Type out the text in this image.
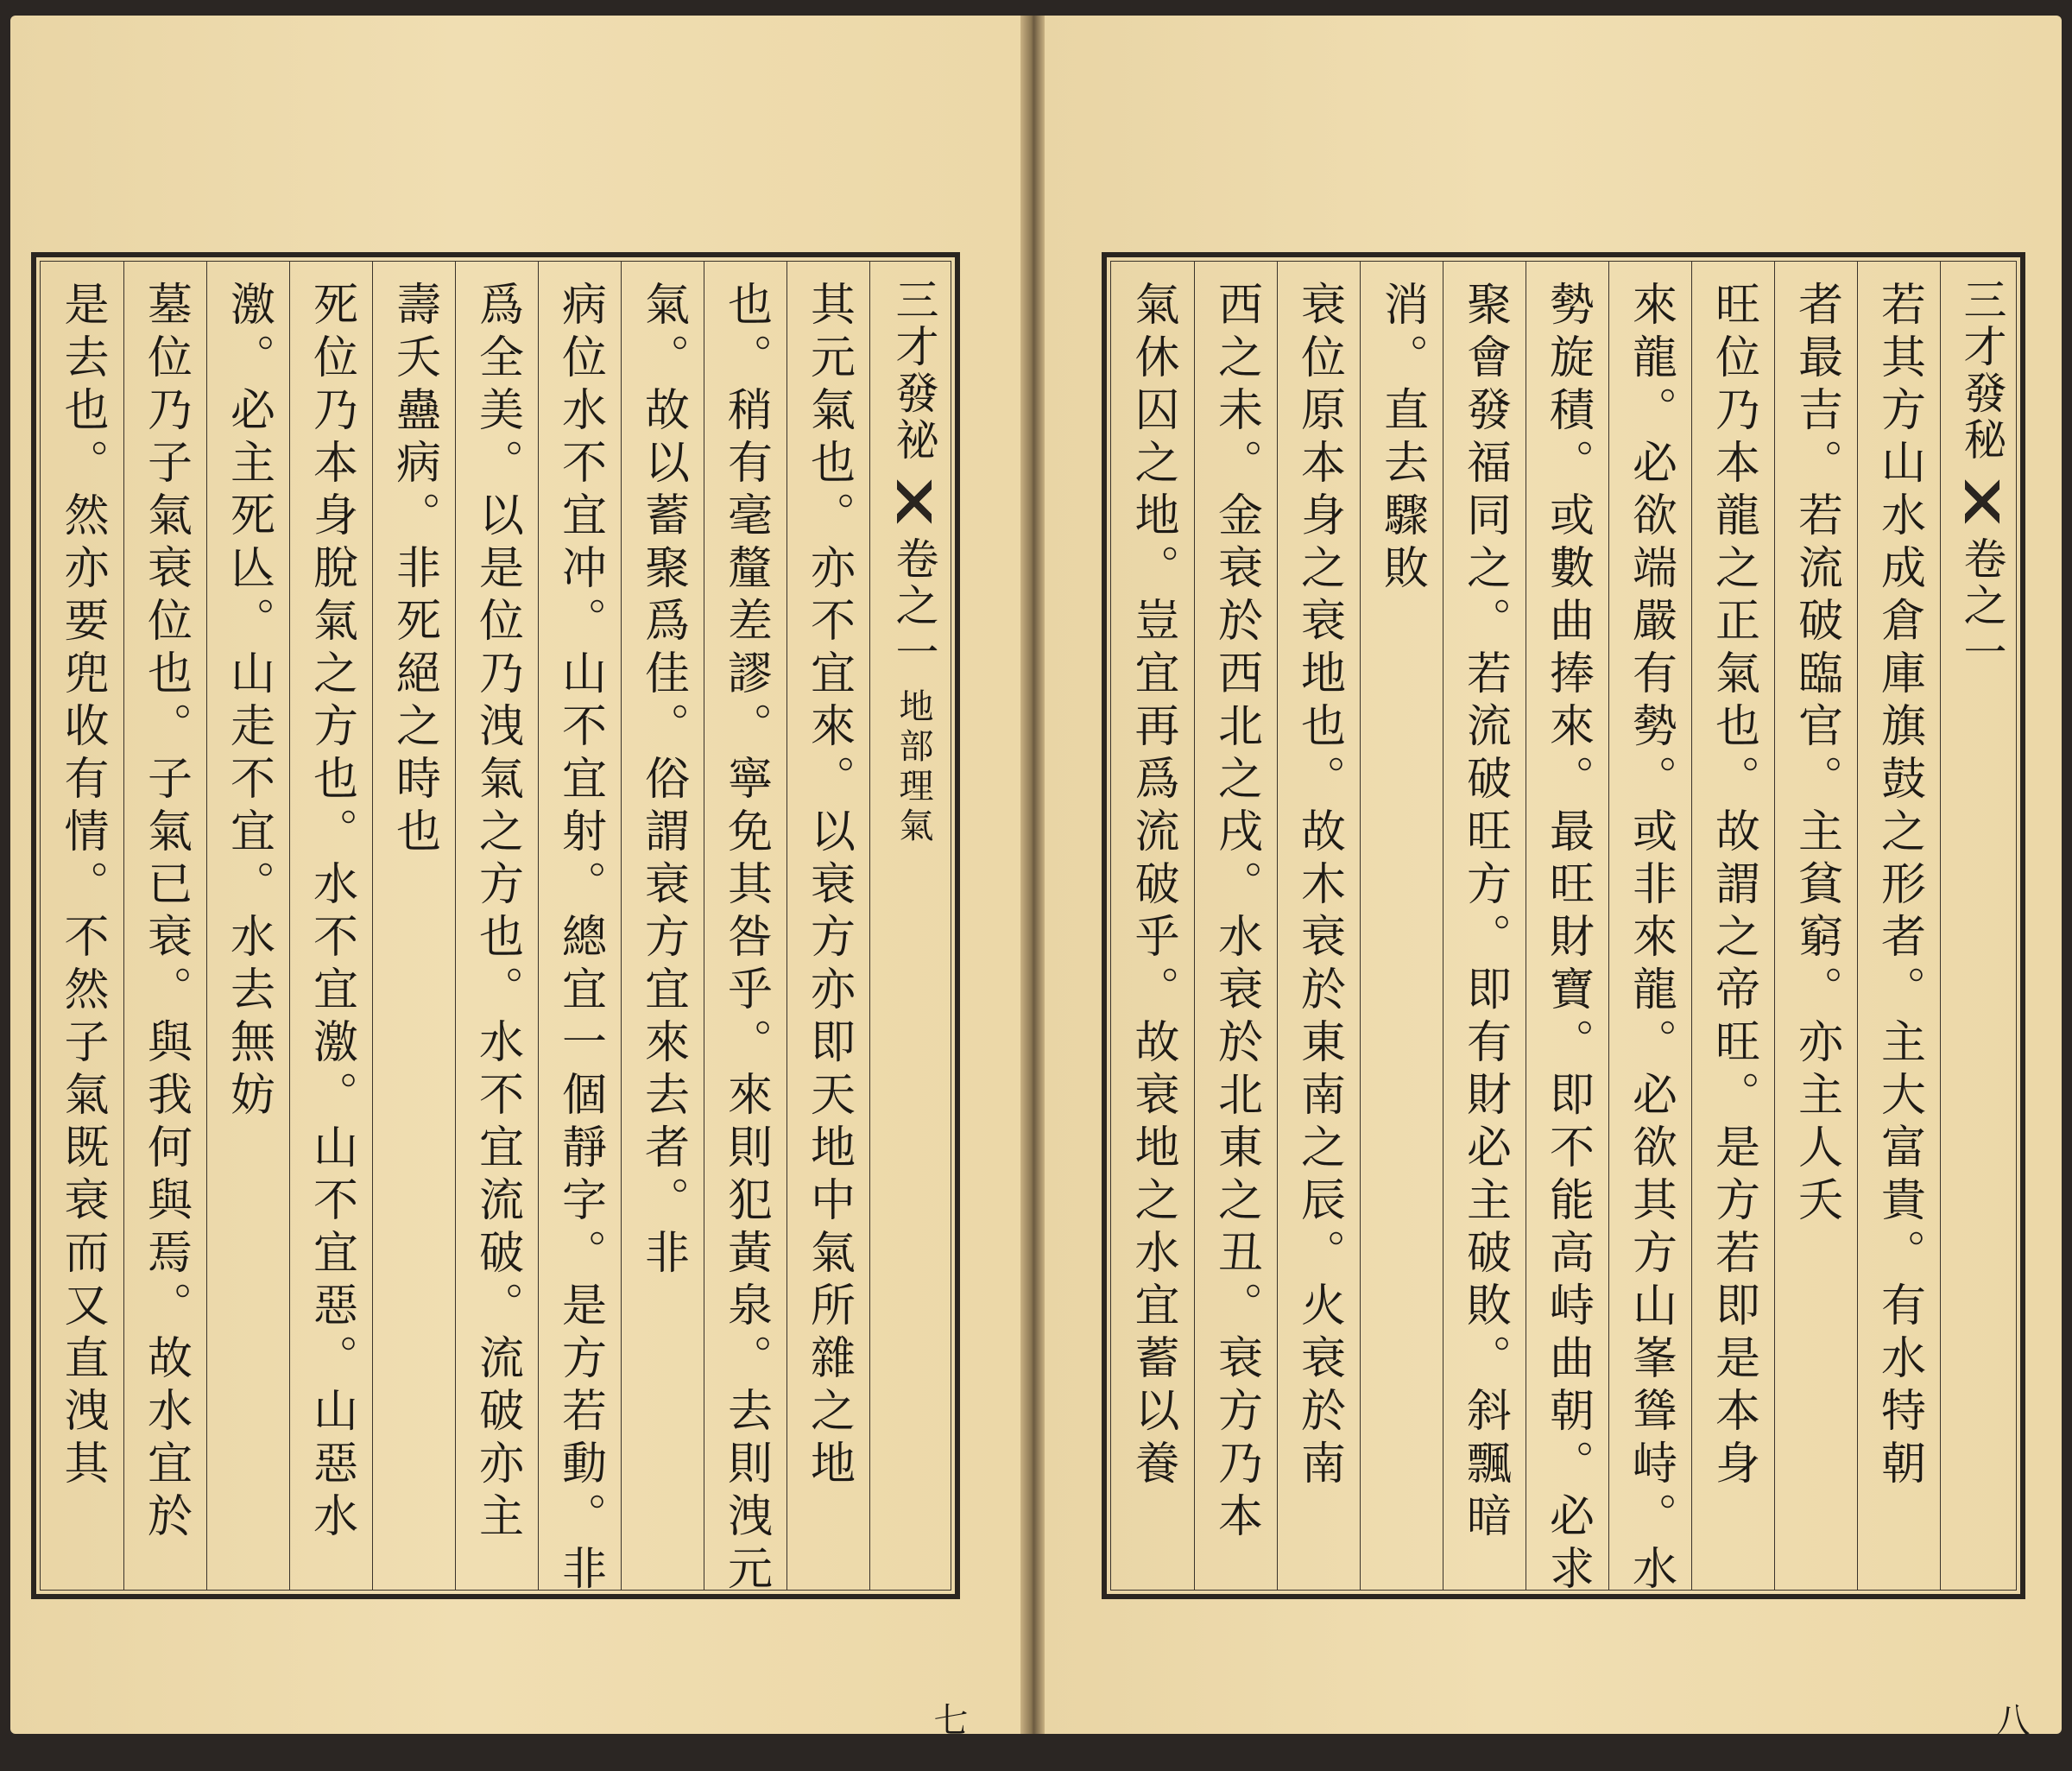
是去也。然亦要兜收有情。不然子氣既衰而又直洩其 墓位乃子氣衰位也。子氣已衰。與我何與焉。故水宜於 激。必主死亾。山走不宜。水去無妨 死位乃本身脫氣之方也。水不宜激。山不宜惡。山惡水 壽夭蠱病。非死絕之時也 爲全美。以是位乃洩氣之方也。水不宜流破。流破亦主 病位水不宜冲。山不宜射。總宜一個靜字。是方若動。非 氣。故以蓄聚爲佳。俗謂衰方宜來去者。非 也。稍有毫釐差謬。寧免其咎乎。來則犯黃泉。去則洩元 其元氣也。亦不宜來。以衰方亦即天地中氣所雜之地 三才發祕
卷之一
地部理氣
七
氣休囚之地。豈宜再爲流破乎。故衰地之水宜蓄以養 西之未。金衰於西北之戌。水衰於北東之丑。衰方乃本 衰位原本身之衰地也。故木衰於東南之辰。火衰於南 消。直去驟敗 聚會發福同之。若流破旺方。即有財必主破敗。斜飄暗 勢旋積。或數曲捧來。最旺財寶。即不能高峙曲朝。必求 來龍。必欲端嚴有勢。或非來龍。必欲其方山峯聳峙。水 旺位乃本龍之正氣也。故謂之帝旺。是方若即是本身 者最吉。若流破臨官。主貧窮。亦主人夭 若其方山水成倉庫旗鼓之形者。主大富貴。有水特朝 三才發秘
卷之一
八
